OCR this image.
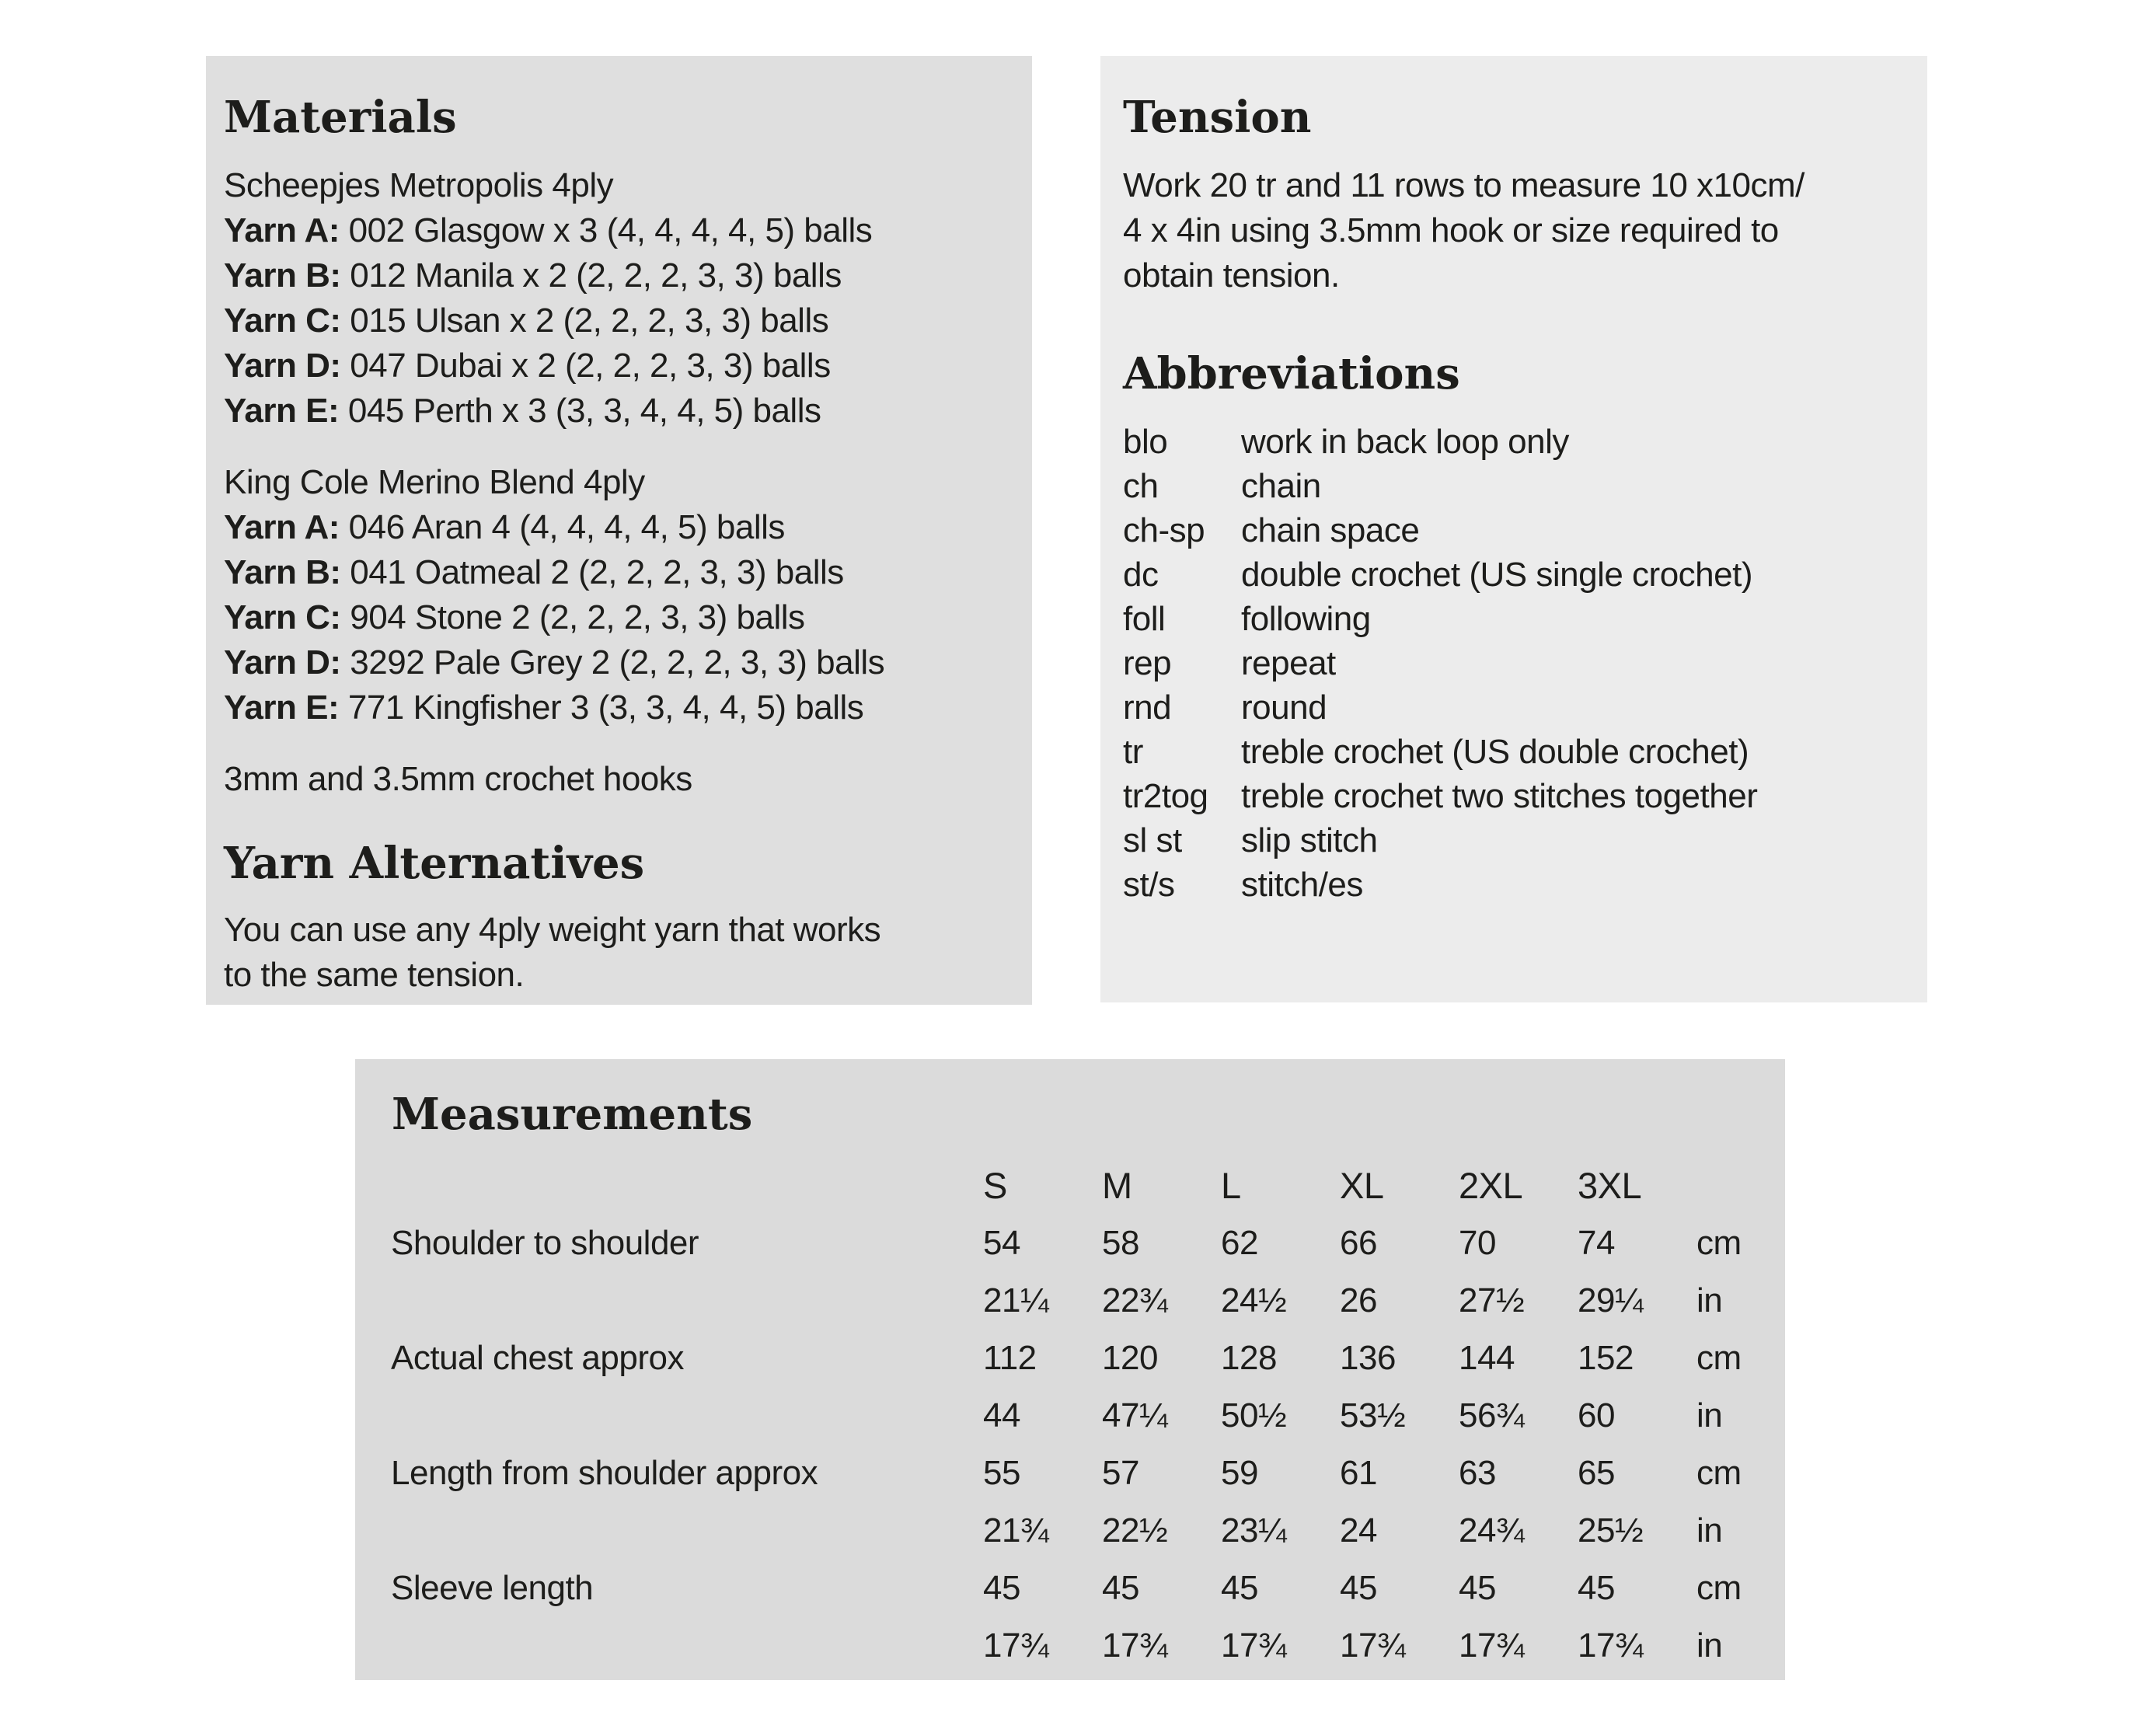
Materials
Scheepjes Metropolis 4ply
Yarn A: 002 Glasgow x 3 (4, 4, 4, 4, 5) balls
Yarn B: 012 Manila x 2 (2, 2, 2, 3, 3) balls
Yarn C: 015 Ulsan x 2 (2, 2, 2, 3, 3) balls
Yarn D: 047 Dubai x 2 (2, 2, 2, 3, 3) balls
Yarn E: 045 Perth x 3 (3, 3, 4, 4, 5) balls
King Cole Merino Blend 4ply
Yarn A: 046 Aran 4 (4, 4, 4, 4, 5) balls
Yarn B: 041 Oatmeal 2 (2, 2, 2, 3, 3) balls
Yarn C: 904 Stone 2 (2, 2, 2, 3, 3) balls
Yarn D: 3292 Pale Grey 2 (2, 2, 2, 3, 3) balls
Yarn E: 771 Kingfisher 3 (3, 3, 4, 4, 5) balls
3mm and 3.5mm crochet hooks
Yarn Alternatives
You can use any 4ply weight yarn that works
to the same tension.
Tension
Work 20 tr and 11 rows to measure 10 x10cm/
4 x 4in using 3.5mm hook or size required to
obtain tension.
Abbreviations
blo	work in back loop only
ch	chain
ch-sp	chain space
dc	double crochet (US single crochet)
foll	following
rep	repeat
rnd	round
tr	treble crochet (US double crochet)
tr2tog treble crochet two stitches together
sl st	slip stitch
st/s	stitch/es
Measurements
S	M	L	XL	2XL	3XL
Shoulder to shoulder	54	58	62	66	70	74	cm
21¼	22¾	24½	26	27½	29¼	in
Actual chest approx	112	120	128	136	144	152	cm
44	47¼	50½	53½	56¾	60	in
Length from shoulder approx	55	57	59	61	63	65	cm
21¾	22½	23¼	24	24¾	25½	in
Sleeve length	45	45	45	45	45	45	cm
17¾	17¾	17¾	17¾	17¾	17¾	in
